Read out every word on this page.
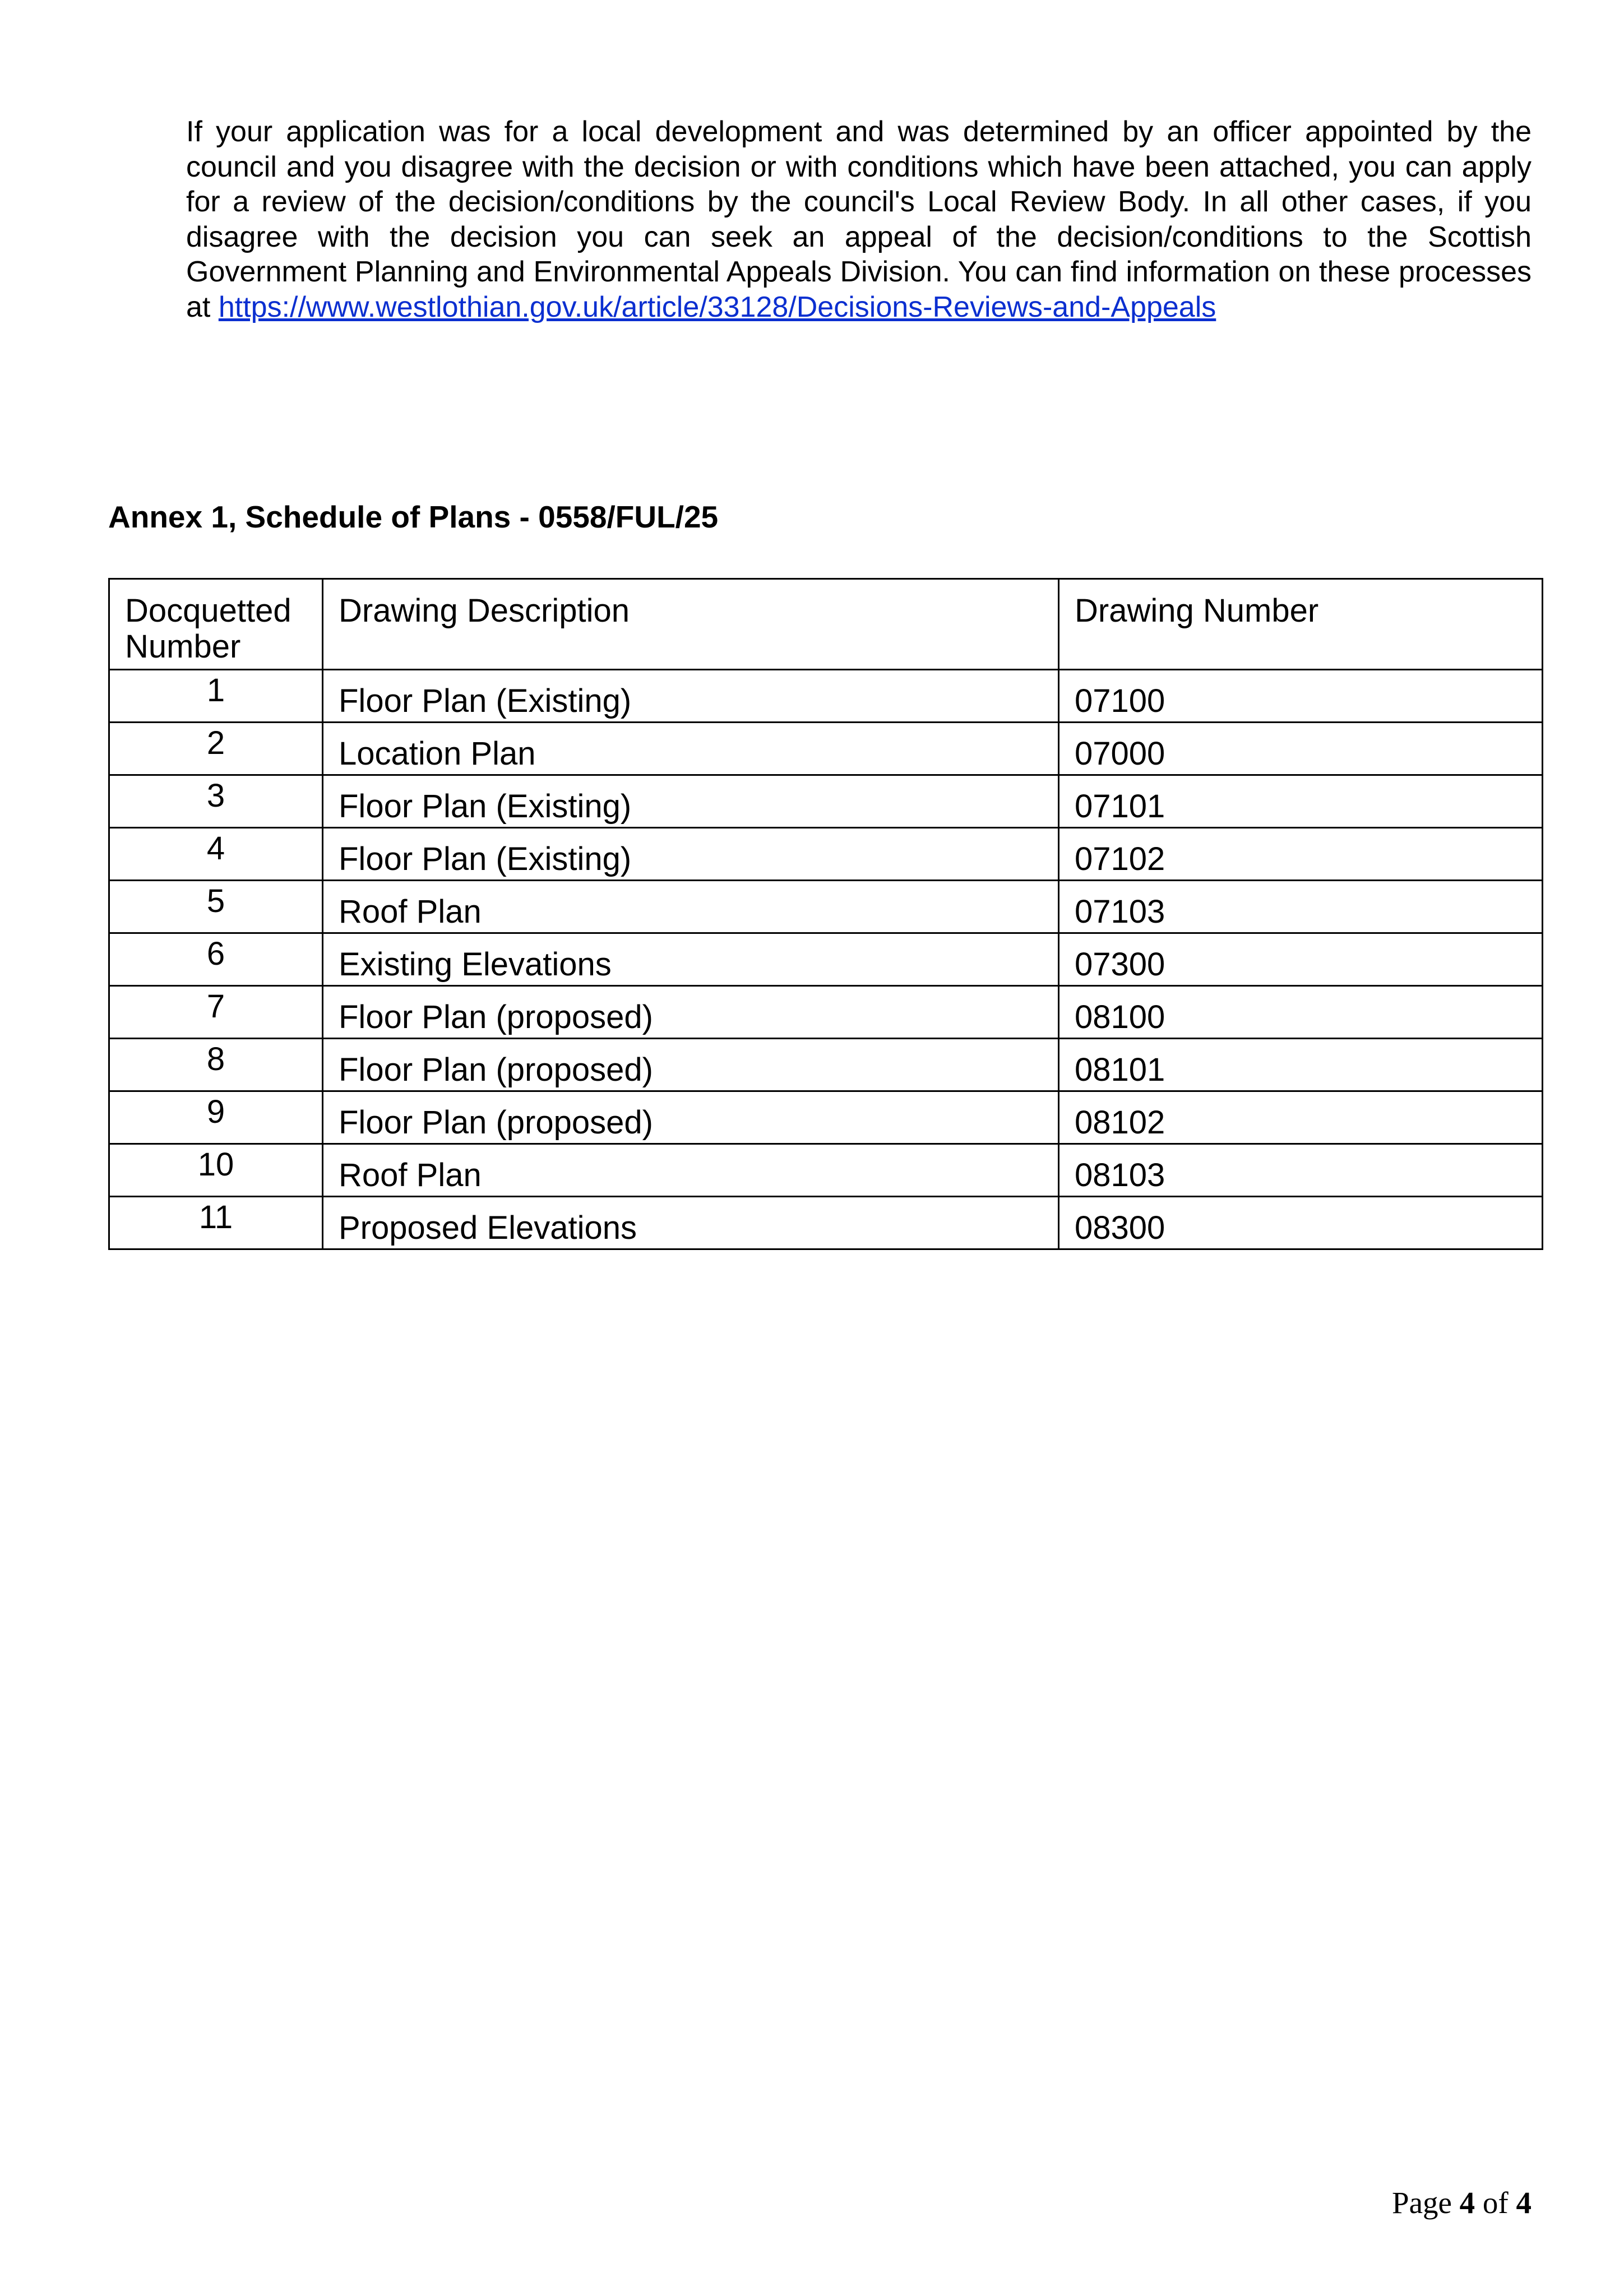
If your application was for a local development and was determined by an officer appointed by the council and you disagree with the decision or with conditions which have been attached, you can apply for a review of the decision/conditions by the council's Local Review Body. In all other cases, if you disagree with the decision you can seek an appeal of the decision/conditions to the Scottish Government Planning and Environmental Appeals Division. You can find information on these processes at https://www.westlothian.gov.uk/article/33128/Decisions-Reviews-and-Appeals

Annex 1, Schedule of Plans - 0558/FUL/25
Docquetted Number	Drawing Description	Drawing Number
1	Floor Plan (Existing)	07100
2	Location Plan	07000
3	Floor Plan (Existing)	07101
4	Floor Plan (Existing)	07102
5	Roof Plan	07103
6	Existing Elevations	07300
7	Floor Plan (proposed)	08100
8	Floor Plan (proposed)	08101
9	Floor Plan (proposed)	08102
10	Roof Plan	08103
11	Proposed Elevations	08300

Page 4 of 4
